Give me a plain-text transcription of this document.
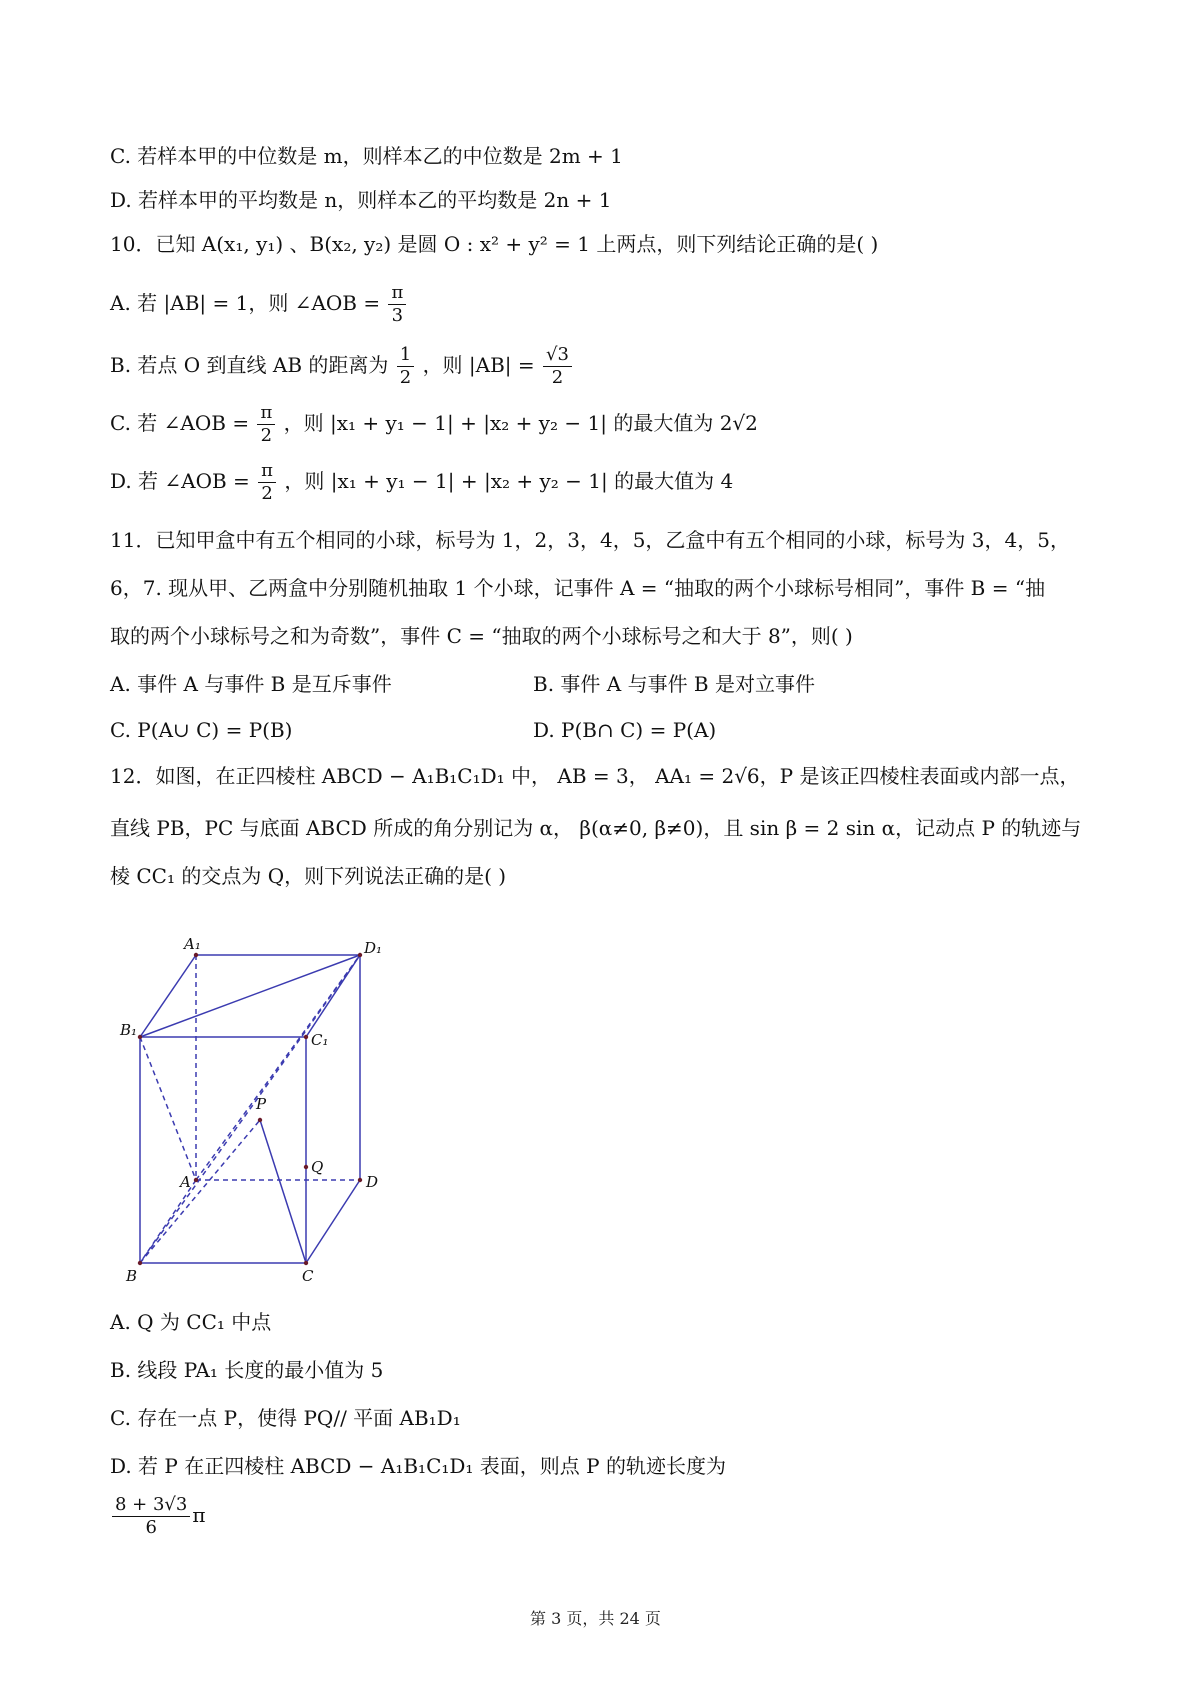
C. 若样本甲的中位数是 m，则样本乙的中位数是 2m + 1
D. 若样本甲的平均数是 n，则样本乙的平均数是 2n + 1
10．已知 A(x₁, y₁) 、B(x₂, y₂) 是圆 O : x² + y² = 1 上两点，则下列结论正确的是( )
A. 若 |AB| = 1，则 ∠AOB = $\frac{\pi}{3}$
B. 若点 O 到直线 AB 的距离为 $\frac{1}{2}$ ，则 $|AB| = \frac{√3}{2}$
C. 若 ∠AOB = $\frac{\pi}{2}$ ，则 |x₁ + y₁ − 1| + |x₂ + y₂ − 1| 的最大值为 2√2
D. 若 ∠AOB = $\frac{\pi}{2}$ ，则 |x₁ + y₁ − 1| + |x₂ + y₂ − 1| 的最大值为 4
11．已知甲盒中有五个相同的小球，标号为 1，2，3，4，5，乙盒中有五个相同的小球，标号为 3，4，5，
6，7. 现从甲、乙两盒中分别随机抽取 1 个小球，记事件 A = “抽取的两个小球标号相同”，事件 B = “抽
取的两个小球标号之和为奇数”，事件 C = “抽取的两个小球标号之和大于 8”，则( )
A. 事件 A 与事件 B 是互斥事件	B. 事件 A 与事件 B 是对立事件
C. P(A∪ C) = P(B)	D. P(B∩ C) = P(A)
12．如图，在正四棱柱 ABCD − A₁B₁C₁D₁ 中， AB = 3， AA₁ = 2√6，P 是该正四棱柱表面或内部一点，
直线 PB，PC 与底面 ABCD 所成的角分别记为 α， β(α≠0, β≠0)，且 sin β = 2 sin α，记动点 P 的轨迹与
棱 CC₁ 的交点为 Q，则下列说法正确的是( )
A₁	D₁
B₁
C₁
P
Q
A	D
B	C
A. Q 为 CC₁ 中点
B. 线段 PA₁ 长度的最小值为 5
C. 存在一点 P，使得 PQ// 平面 AB₁D₁
D. 若 P 在正四棱柱 ABCD − A₁B₁C₁D₁ 表面，则点 P 的轨迹长度为
$\frac{8 + 3√3}{6}$ π
第 3 页，共 24 页
